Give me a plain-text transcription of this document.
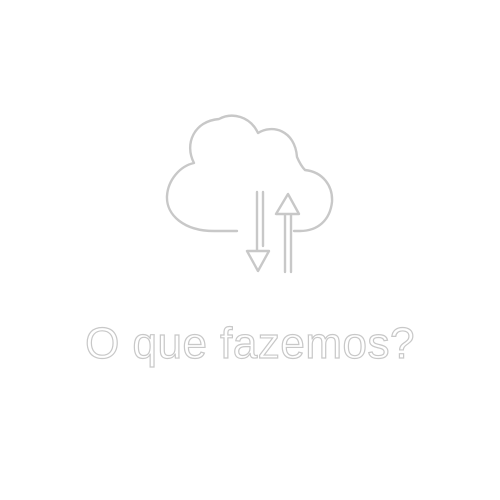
O que fazemos?
